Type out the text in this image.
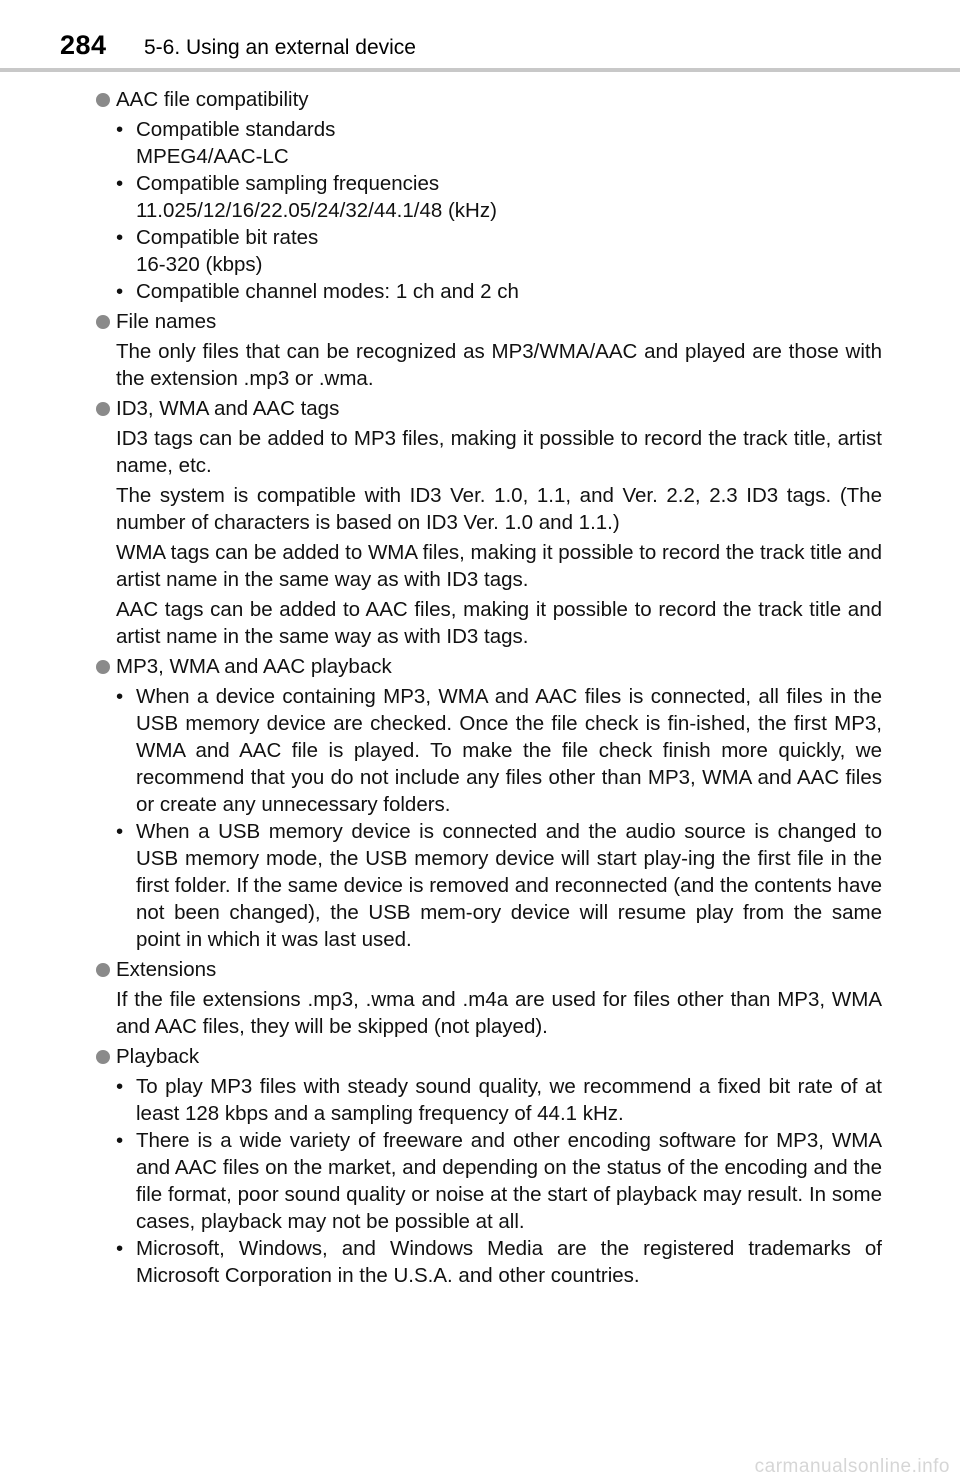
284 5-6. Using an external device
AAC file compatibility
• Compatible standards
MPEG4/AAC-LC
• Compatible sampling frequencies
11.025/12/16/22.05/24/32/44.1/48 (kHz)
• Compatible bit rates
16-320 (kbps)
• Compatible channel modes: 1 ch and 2 ch
File names
The only files that can be recognized as MP3/WMA/AAC and played are those with the extension .mp3 or .wma.
ID3, WMA and AAC tags
ID3 tags can be added to MP3 files, making it possible to record the track title, artist name, etc.
The system is compatible with ID3 Ver. 1.0, 1.1, and Ver. 2.2, 2.3 ID3 tags. (The number of characters is based on ID3 Ver. 1.0 and 1.1.)
WMA tags can be added to WMA files, making it possible to record the track title and artist name in the same way as with ID3 tags.
AAC tags can be added to AAC files, making it possible to record the track title and artist name in the same way as with ID3 tags.
MP3, WMA and AAC playback
• When a device containing MP3, WMA and AAC files is connected, all files in the USB memory device are checked. Once the file check is fin-ished, the first MP3, WMA and AAC file is played. To make the file check finish more quickly, we recommend that you do not include any files other than MP3, WMA and AAC files or create any unnecessary folders.
• When a USB memory device is connected and the audio source is changed to USB memory mode, the USB memory device will start play-ing the first file in the first folder. If the same device is removed and reconnected (and the contents have not been changed), the USB mem-ory device will resume play from the same point in which it was last used.
Extensions
If the file extensions .mp3, .wma and .m4a are used for files other than MP3, WMA and AAC files, they will be skipped (not played).
Playback
• To play MP3 files with steady sound quality, we recommend a fixed bit rate of at least 128 kbps and a sampling frequency of 44.1 kHz.
• There is a wide variety of freeware and other encoding software for MP3, WMA and AAC files on the market, and depending on the status of the encoding and the file format, poor sound quality or noise at the start of playback may result. In some cases, playback may not be possible at all.
• Microsoft, Windows, and Windows Media are the registered trademarks of Microsoft Corporation in the U.S.A. and other countries.
carmanualsonline.info
